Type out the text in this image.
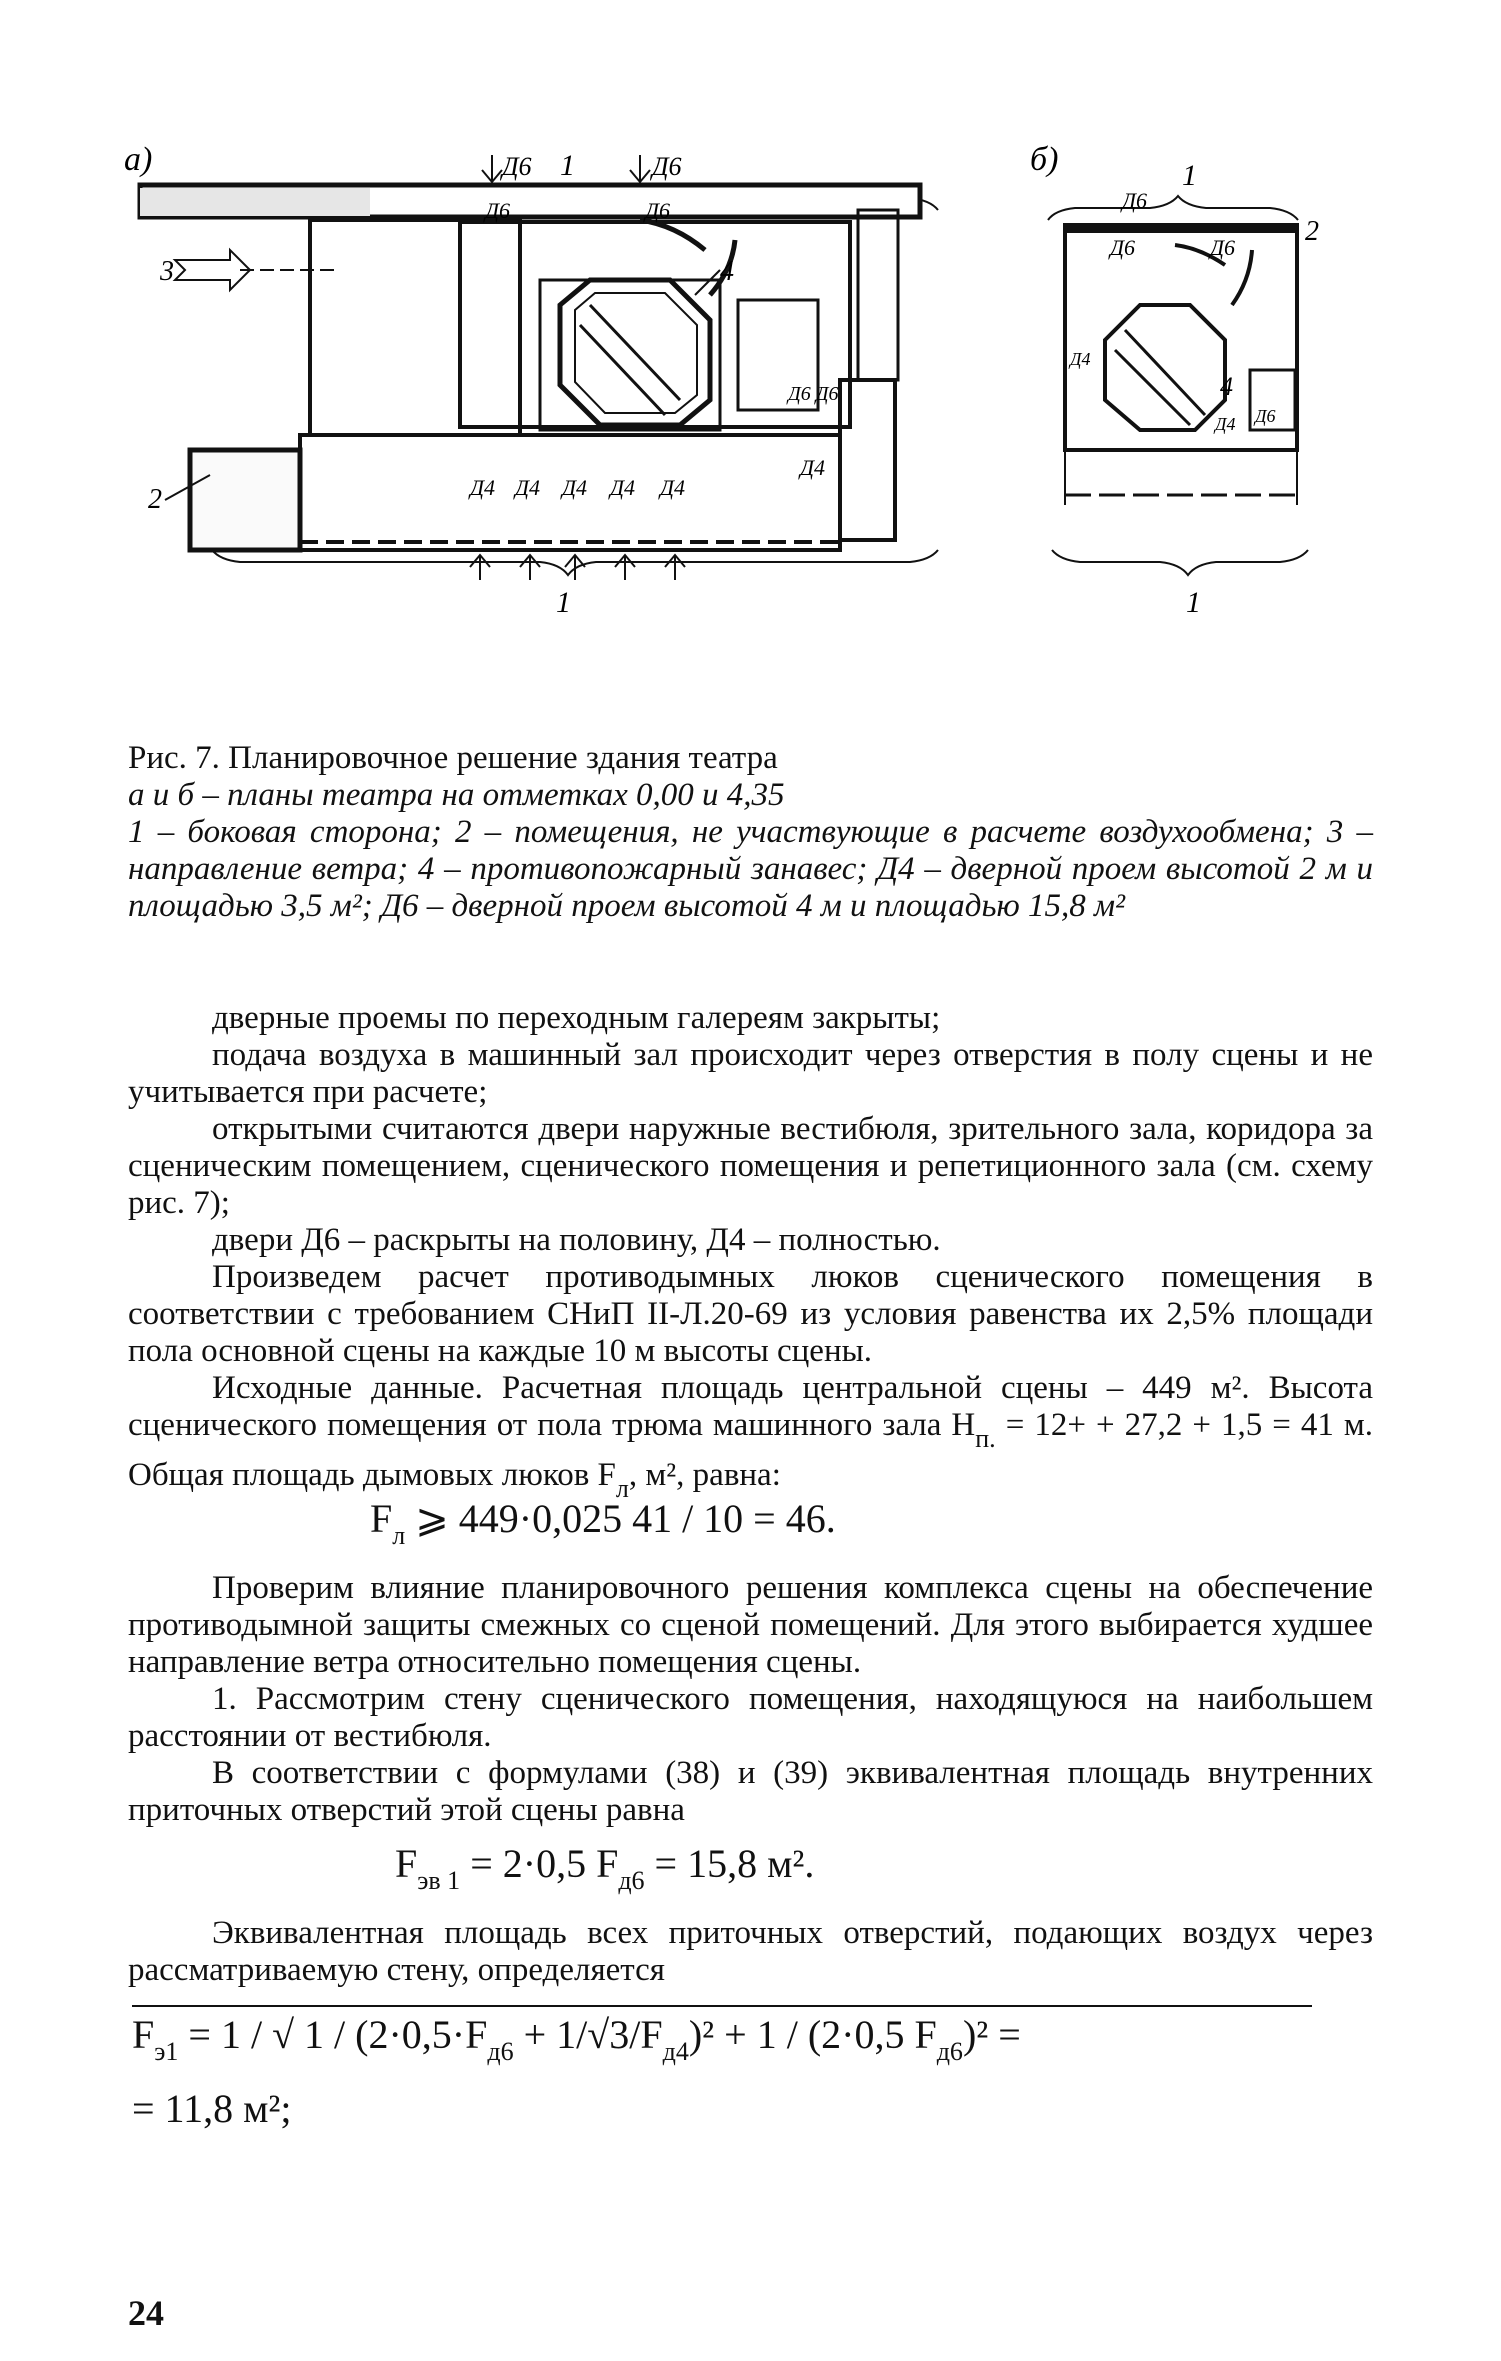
а)	б)
1
1
Д6	Д6
Д6	Д6
Д4 Д4 Д4 Д4 Д4
Д4
Д6 Д6
3
2
4
1
1
Д6
Д6	Д6
Д4
Д4 Д6
2
4
Рис. 7. Планировочное решение здания театра
а и б – планы театра на отметках 0,00 и 4,35
1 – боковая сторона; 2 – помещения, не участвующие в расчете воздухообмена; 3 – направление ветра; 4 – противопожарный занавес; Д4 – дверной проем высотой 2 м и площадью 3,5 м²; Д6 – дверной проем высотой 4 м и площадью 15,8 м²

дверные проемы по переходным галереям закрыты;

подача воздуха в машинный зал происходит через отверстия в полу сцены и не учитывается при расчете;

открытыми считаются двери наружные вестибюля, зрительного зала, коридора за сценическим помещением, сценического помещения и репетиционного зала (см. схему рис. 7);

двери Д6 – раскрыты на половину, Д4 – полностью.

Произведем расчет противодымных люков сценического помещения в соответствии с требованием СНиП II-Л.20-69 из условия равенства их 2,5% площади пола основной сцены на каждые 10 м высоты сцены.

Исходные данные. Расчетная площадь центральной сцены – 449 м². Высота сценического помещения от пола трюма машинного зала $Н_{п.} = 12+ + 27,2 + 1,5 = 41$ м. Общая площадь дымовых люков $F_л$, м², равна:

$F_л$ ⩾ 449·0,025 41 / 10 = 46.

Проверим влияние планировочного решения комплекса сцены на обеспечение противодымной защиты смежных со сценой помещений. Для этого выбирается худшее направление ветра относительно помещения сцены.

1. Рассмотрим стену сценического помещения, находящуюся на наибольшем расстоянии от вестибюля.

В соответствии с формулами (38) и (39) эквивалентная площадь внутренних приточных отверстий этой сцены равна

$F_{эв 1} = 2\cdot 0,5$ $F_{д6} = 15,8$ м².

Эквивалентная площадь всех приточных отверстий, подающих воздух через рассматриваемую стену, определяется

$F_{э1} = 1$ / √ $1 / (2\cdot 0,5\cdot F_{д6} + 1/√3/F_{д4})^2 + 1 / (2\cdot 0,5$ $F_{д6})^2$ =
= 11,8 м²;
24
